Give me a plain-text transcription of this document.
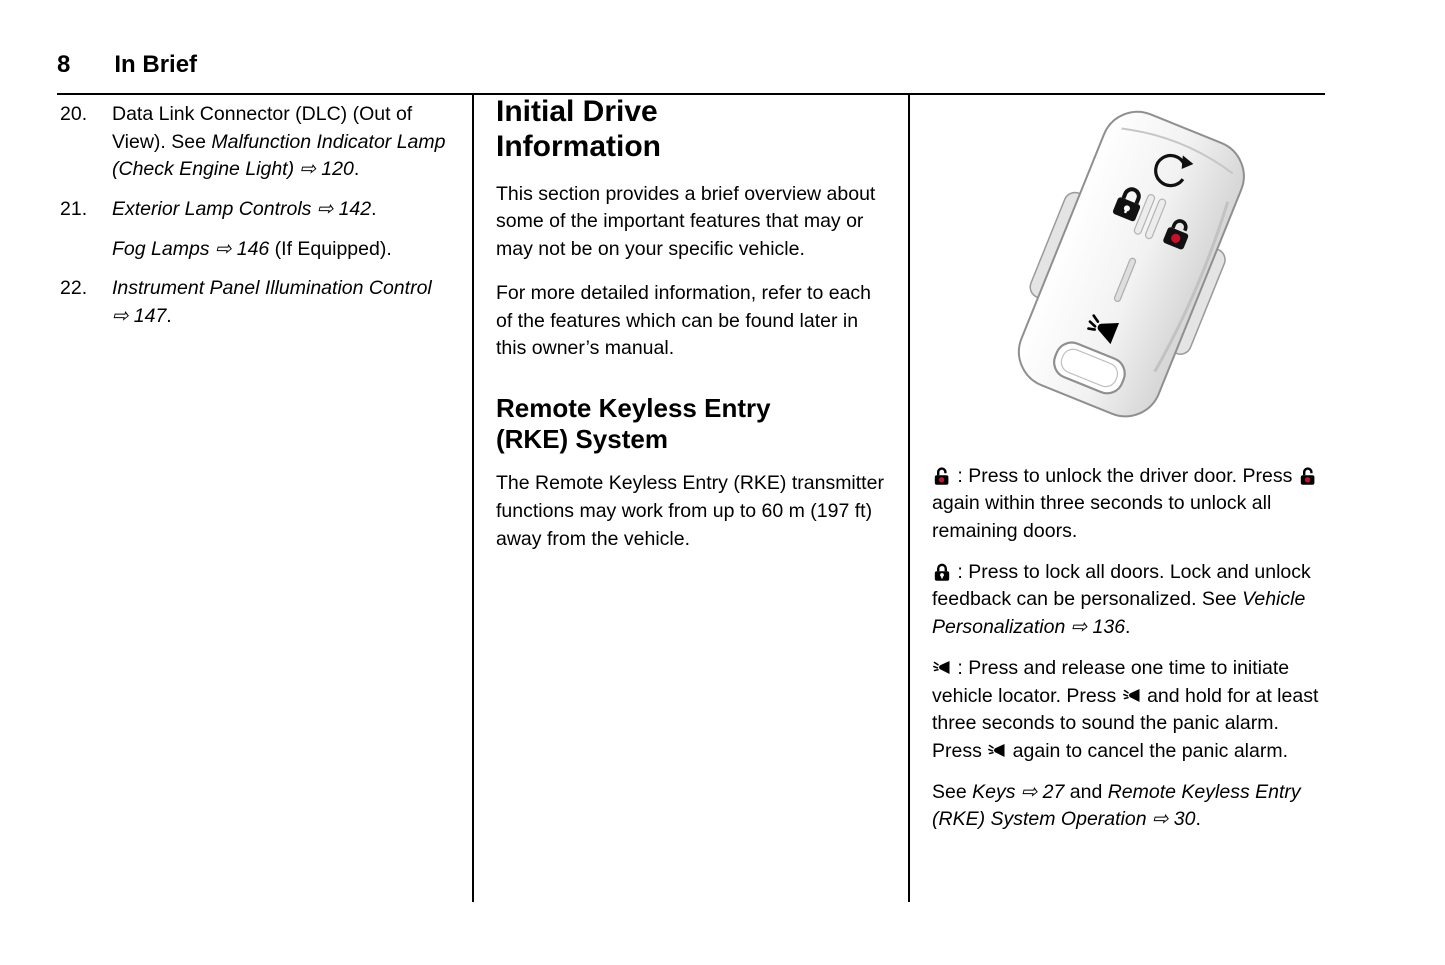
8 In Brief
20.	Data Link Connector (DLC) (Out of View). See Malfunction Indicator Lamp (Check Engine Light) ⇨ 120.
21.	Exterior Lamp Controls ⇨ 142.
Fog Lamps ⇨ 146 (If Equipped).
22.	Instrument Panel Illumination Control ⇨ 147.
Initial Drive Information
This section provides a brief overview about some of the important features that may or may not be on your specific vehicle.
For more detailed information, refer to each of the features which can be found later in this owner’s manual.
Remote Keyless Entry (RKE) System
The Remote Keyless Entry (RKE) transmitter functions may work from up to 60 m (197 ft) away from the vehicle.
: Press to unlock the driver door. Press
again within three seconds to unlock all remaining doors.
: Press to lock all doors. Lock and unlock feedback can be personalized. See Vehicle Personalization ⇨ 136.
: Press and release one time to initiate vehicle locator. Press
and hold for at least three seconds to sound the panic alarm. Press
again to cancel the panic alarm.
See Keys ⇨ 27 and Remote Keyless Entry (RKE) System Operation ⇨ 30.
